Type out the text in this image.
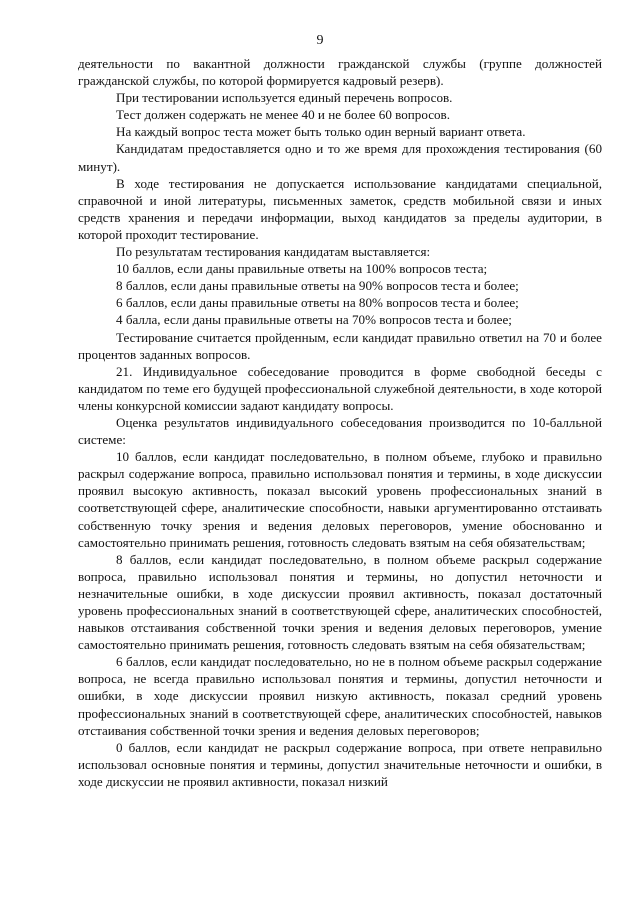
9

деятельности по вакантной должности гражданской службы (группе должностей гражданской службы, по которой формируется кадровый резерв).

При тестировании используется единый перечень вопросов.

Тест должен содержать не менее 40 и не более 60 вопросов.

На каждый вопрос теста может быть только один верный вариант ответа.

Кандидатам предоставляется одно и то же время для прохождения тестирования (60 минут).

В ходе тестирования не допускается использование кандидатами специальной, справочной и иной литературы, письменных заметок, средств мобильной связи и иных средств хранения и передачи информации, выход кандидатов за пределы аудитории, в которой проходит тестирование.

По результатам тестирования кандидатам выставляется:

10 баллов, если даны правильные ответы на 100% вопросов теста;

8 баллов, если даны правильные ответы на 90% вопросов теста и более;

6 баллов, если даны правильные ответы на 80% вопросов теста и более;

4 балла, если даны правильные ответы на 70% вопросов теста и более;

Тестирование считается пройденным, если кандидат правильно ответил на 70 и более процентов заданных вопросов.

21. Индивидуальное собеседование проводится в форме свободной беседы с кандидатом по теме его будущей профессиональной служебной деятельности, в ходе которой члены конкурсной комиссии задают кандидату вопросы.

Оценка результатов индивидуального собеседования производится по 10-балльной системе:

10 баллов, если кандидат последовательно, в полном объеме, глубоко и правильно раскрыл содержание вопроса, правильно использовал понятия и термины, в ходе дискуссии проявил высокую активность, показал высокий уровень профессиональных знаний в соответствующей сфере, аналитические способности, навыки аргументированно отстаивать собственную точку зрения и ведения деловых переговоров, умение обоснованно и самостоятельно принимать решения, готовность следовать взятым на себя обязательствам;

8 баллов, если кандидат последовательно, в полном объеме раскрыл содержание вопроса, правильно использовал понятия и термины, но допустил неточности и незначительные ошибки, в ходе дискуссии проявил активность, показал достаточный уровень профессиональных знаний в соответствующей сфере, аналитических способностей, навыков отстаивания собственной точки зрения и ведения деловых переговоров, умение самостоятельно принимать решения, готовность следовать взятым на себя обязательствам;

6 баллов, если кандидат последовательно, но не в полном объеме раскрыл содержание вопроса, не всегда правильно использовал понятия и термины, допустил неточности и ошибки, в ходе дискуссии проявил низкую активность, показал средний уровень профессиональных знаний в соответствующей сфере, аналитических способностей, навыков отстаивания собственной точки зрения и ведения деловых переговоров;

0 баллов, если кандидат не раскрыл содержание вопроса, при ответе неправильно использовал основные понятия и термины, допустил значительные неточности и ошибки, в ходе дискуссии не проявил активности, показал низкий
